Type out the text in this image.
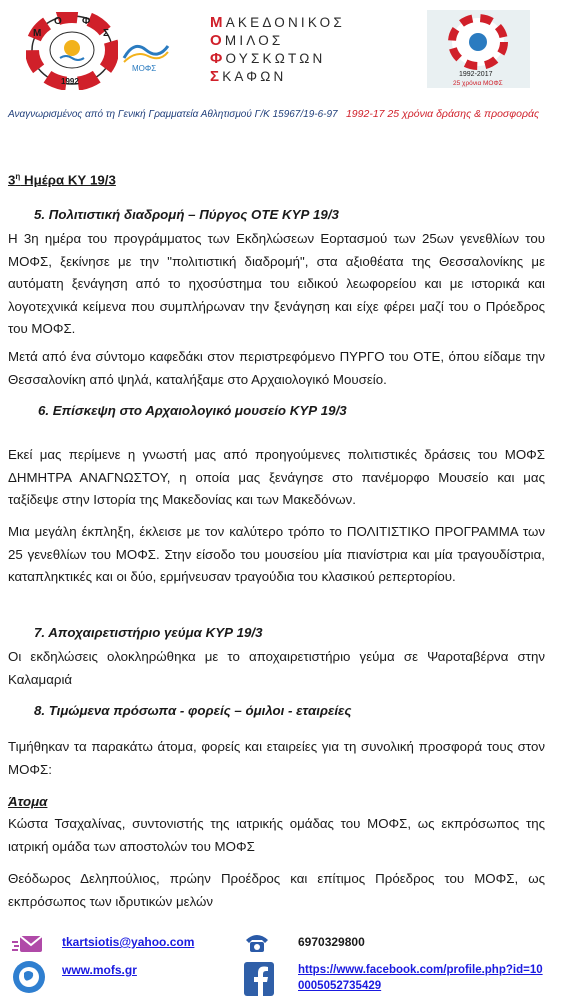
Μ
Ο Φ
Σ
1992
ΜΟΦΣ
ΜΑΚΕΔΟΝΙΚΟΣ
ΟΜΙΛΟΣ
ΦΟΥΣΚΩΤΩΝ
ΣΚΑΦΩΝ	1992-2017
25 χρόνια ΜΟΦΣ
Αναγνωρισμένος από τη Γενική Γραμματεία Αθλητισμού Γ/Κ 15967/19-6-97 1992-17 25 χρόνια δράσης & προσφοράς
$3^\eta$ Ημέρα ΚΥ 19/3
5. Πολιτιστική διαδρομή – Πύργος ΟΤΕ ΚΥΡ 19/3
Η 3η ημέρα του προγράμματος των Εκδηλώσεων Εορτασμού των 25ων γενεθλίων του ΜΟΦΣ, ξεκίνησε με την "πολιτιστική διαδρομή", στα αξιοθέατα της Θεσσαλονίκης με αυτόματη ξενάγηση από το ηχοσύστημα του ειδικού λεωφορείου και με ιστορικά και λογοτεχνικά κείμενα που συμπλήρωναν την ξενάγηση και είχε φέρει μαζί του ο Πρόεδρος του ΜΟΦΣ.
Μετά από ένα σύντομο καφεδάκι στον περιστρεφόμενο ΠΥΡΓΟ του ΟΤΕ, όπου είδαμε την Θεσσαλονίκη από ψηλά, καταλήξαμε στο Αρχαιολογικό Μουσείο.
6. Επίσκεψη στο Αρχαιολογικό μουσείο ΚΥΡ 19/3
Εκεί μας περίμενε η γνωστή μας από προηγούμενες πολιτιστικές δράσεις του ΜΟΦΣ ΔΗΜΗΤΡΑ ΑΝΑΓΝΩΣΤΟΥ, η οποία μας ξενάγησε στο πανέμορφο Μουσείο και μας ταξίδεψε στην Ιστορία της Μακεδονίας και των Μακεδόνων.
Μια μεγάλη έκπληξη, έκλεισε με τον καλύτερο τρόπο το ΠΟΛΙΤΙΣΤΙΚΟ ΠΡΟΓΡΑΜΜΑ των 25 γενεθλίων του ΜΟΦΣ. Στην είσοδο του μουσείου μία πιανίστρια και μία τραγουδίστρια, καταπληκτικές και οι δύο, ερμήνευσαν τραγούδια του κλασικού ρεπερτορίου.
7. Αποχαιρετιστήριο γεύμα ΚΥΡ 19/3
Οι εκδηλώσεις ολοκληρώθηκα με το αποχαιρετιστήριο γεύμα σε Ψαροταβέρνα στην Καλαμαριά
8. Τιμώμενα πρόσωπα - φορείς – όμιλοι - εταιρείες
Τιμήθηκαν τα παρακάτω άτομα, φορείς και εταιρείες για τη συνολική προσφορά τους στον ΜΟΦΣ:
Άτομα
Κώστα Τσαχαλίνας, συντονιστής της ιατρικής ομάδας του ΜΟΦΣ, ως εκπρόσωπος της ιατρική ομάδα των αποστολών του ΜΟΦΣ
Θεόδωρος Δεληπούλιος, πρώην Προέδρος και επίτιμος Πρόεδρος του ΜΟΦΣ, ως εκπρόσωπος των ιδρυτικών μελών
tkartsiotis@yahoo.com	6970329800
www.mofs.gr	https://www.facebook.com/profile.php?id=100005052735429
